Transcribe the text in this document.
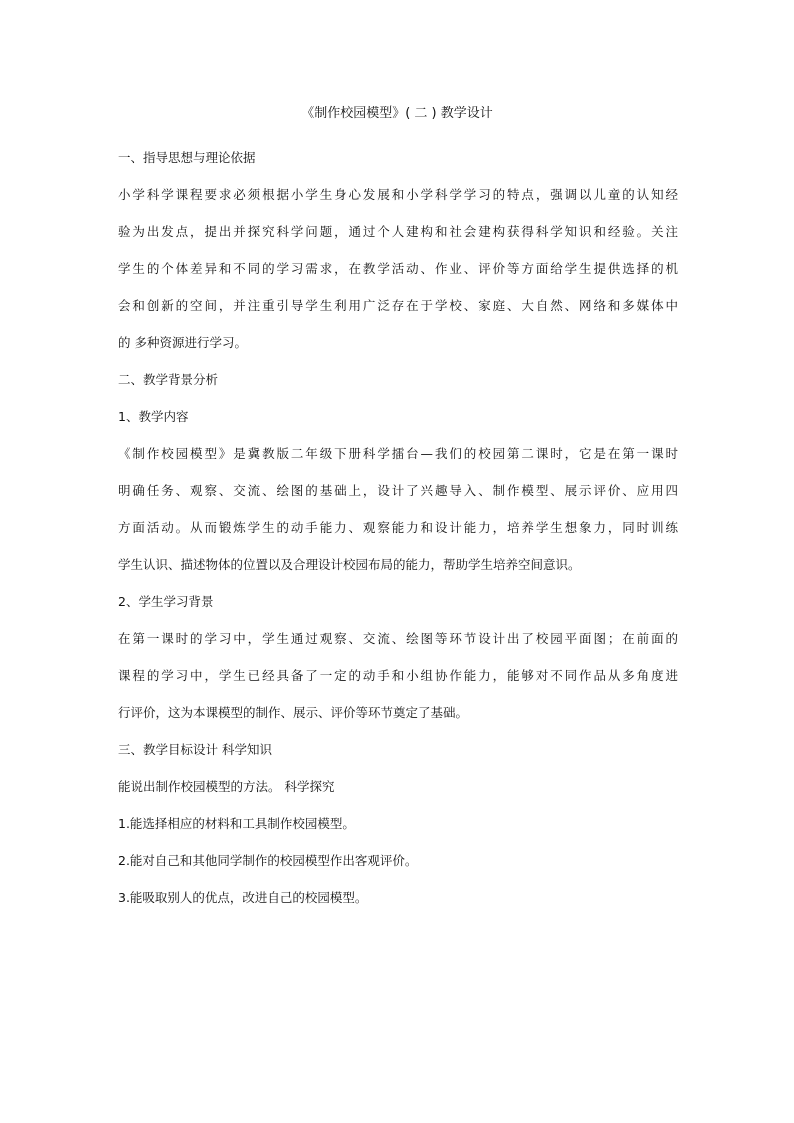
《制作校园模型》( 二 ) 教学设计
一、指导思想与理论依据
小学科学课程要求必须根据小学生身心发展和小学科学学习的特点，强调以儿童的认知经
验为出发点，提出并探究科学问题，通过个人建构和社会建构获得科学知识和经验。关注
学生的个体差异和不同的学习需求，在教学活动、作业、评价等方面给学生提供选择的机
会和创新的空间，并注重引导学生利用广泛存在于学校、家庭、大自然、网络和多媒体中
的 多种资源进行学习。
二、教学背景分析
1、教学内容
《制作校园模型》是冀教版二年级下册科学擂台—我们的校园第二课时，它是在第一课时
明确任务、观察、交流、绘图的基础上，设计了兴趣导入、制作模型、展示评价、应用四
方面活动。从而锻炼学生的动手能力、观察能力和设计能力，培养学生想象力，同时训练
学生认识、描述物体的位置以及合理设计校园布局的能力，帮助学生培养空间意识。
2、学生学习背景
在第一课时的学习中，学生通过观察、交流、绘图等环节设计出了校园平面图；在前面的
课程的学习中，学生已经具备了一定的动手和小组协作能力，能够对不同作品从多角度进
行评价，这为本课模型的制作、展示、评价等环节奠定了基础。
三、教学目标设计 科学知识
能说出制作校园模型的方法。 科学探究
1.能选择相应的材料和工具制作校园模型。
2.能对自己和其他同学制作的校园模型作出客观评价。
3.能吸取别人的优点，改进自己的校园模型。
